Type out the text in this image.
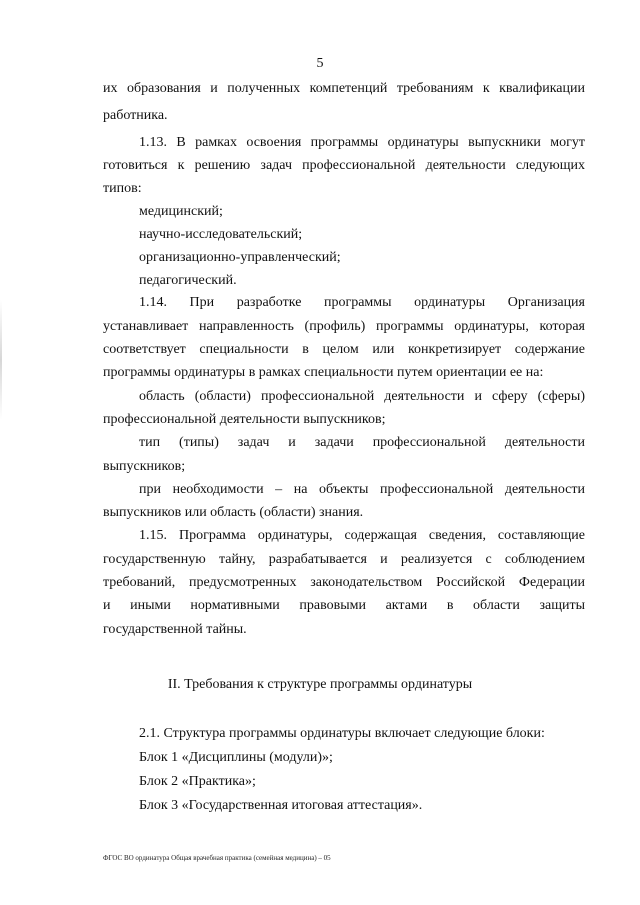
5
их образования и полученных компетенций требованиям к квалификации
работника.
1.13. В рамках освоения программы ординатуры выпускники могут
готовиться к решению задач профессиональной деятельности следующих
типов:
медицинский;
научно-исследовательский;
организационно-управленческий;
педагогический.
1.14. При разработке программы ординатуры Организация
устанавливает направленность (профиль) программы ординатуры, которая
соответствует специальности в целом или конкретизирует содержание
программы ординатуры в рамках специальности путем ориентации ее на:
область (области) профессиональной деятельности и сферу (сферы)
профессиональной деятельности выпускников;
тип (типы) задач и задачи профессиональной деятельности
выпускников;
при необходимости – на объекты профессиональной деятельности
выпускников или область (области) знания.
1.15. Программа ординатуры, содержащая сведения, составляющие
государственную тайну, разрабатывается и реализуется с соблюдением
требований, предусмотренных законодательством Российской Федерации
и иными нормативными правовыми актами в области защиты
государственной тайны.
II. Требования к структуре программы ординатуры
2.1. Структура программы ординатуры включает следующие блоки:
Блок 1 «Дисциплины (модули)»;
Блок 2 «Практика»;
Блок 3 «Государственная итоговая аттестация».
ФГОС ВО ординатура Общая врачебная практика (семейная медицина) – 05
